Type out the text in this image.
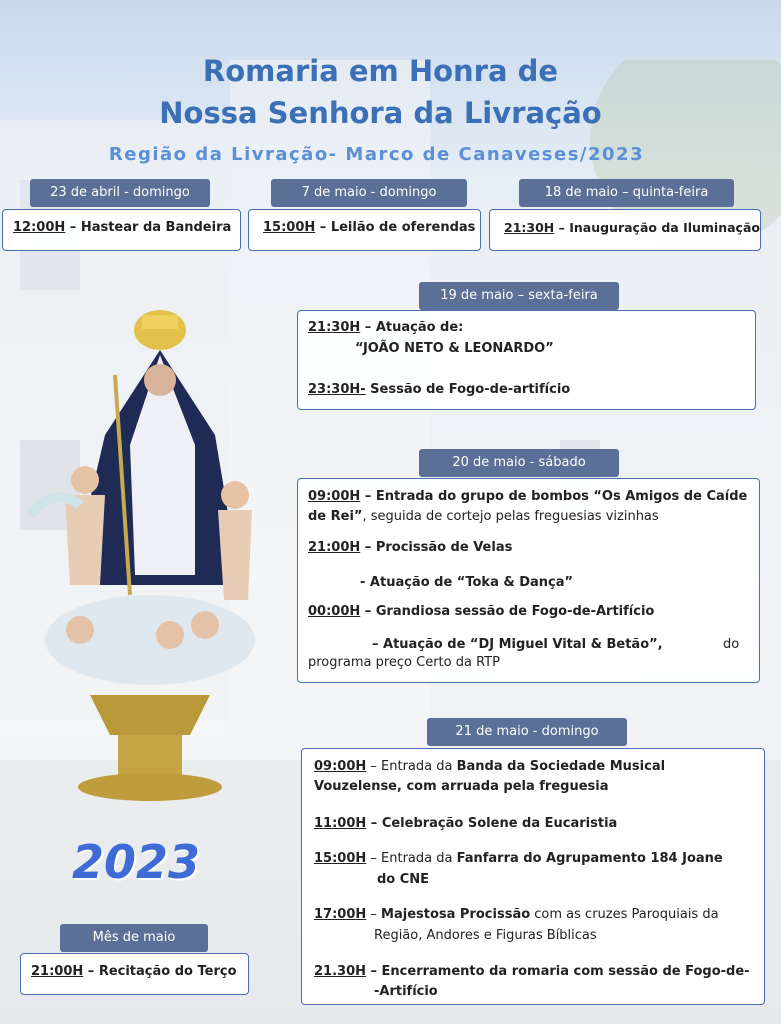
2023
Romaria em Honra de
Nossa Senhora da Livração
Região da Livração- Marco de Canaveses/2023
23 de abril - domingo
12:00H – Hastear da Bandeira
7 de maio - domingo
15:00H – Leilão de oferendas
18 de maio – quinta-feira
21:30H – Inauguração da Iluminação
19 de maio – sexta-feira
21:30H – Atuação de:
“JOÃO NETO & LEONARDO”
23:30H- Sessão de Fogo-de-artifício
20 de maio - sábado
09:00H – Entrada do grupo de bombos “Os Amigos de Caíde
de Rei”, seguida de cortejo pelas freguesias vizinhas
21:00H – Procissão de Velas
- Atuação de “Toka & Dança”
00:00H – Grandiosa sessão de Fogo-de-Artifício
– Atuação de “DJ Miguel Vital & Betão”,	do
programa preço Certo da RTP
21 de maio - domingo
09:00H – Entrada da Banda da Sociedade Musical
Vouzelense, com arruada pela freguesia
11:00H – Celebração Solene da Eucaristia
15:00H – Entrada da Fanfarra do Agrupamento 184 Joane
do CNE
17:00H – Majestosa Procissão com as cruzes Paroquiais da
Região, Andores e Figuras Bíblicas
21.30H – Encerramento da romaria com sessão de Fogo-de-
-Artifício
Mês de maio
21:00H – Recitação do Terço
